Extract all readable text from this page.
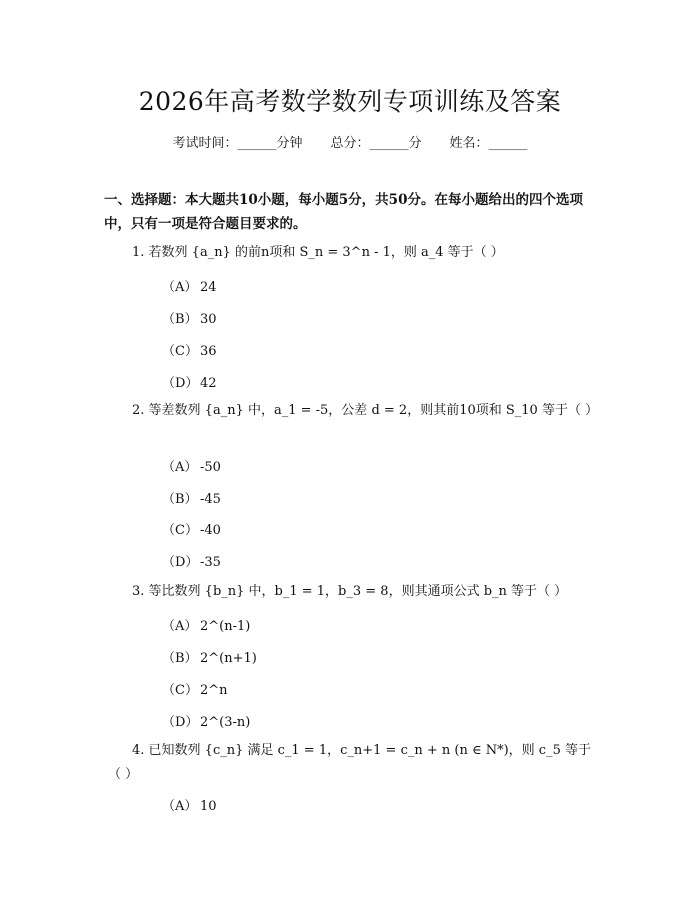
2026年高考数学数列专项训练及答案
考试时间：______分钟 总分：______分 姓名：______
一、选择题：本大题共10小题，每小题5分，共50分。在每小题给出的四个选项中，只有一项是符合题目要求的。
1. 若数列 {a_n} 的前n项和 S_n = 3^n - 1，则 a_4 等于（ ）
（A） 24
（B） 30
（C） 36
（D） 42
2. 等差数列 {a_n} 中，a_1 = -5，公差 d = 2，则其前10项和 S_10 等于（ ）
（A） -50
（B） -45
（C） -40
（D） -35
3. 等比数列 {b_n} 中，b_1 = 1，b_3 = 8，则其通项公式 b_n 等于（ ）
（A） 2^(n-1)
（B） 2^(n+1)
（C） 2^n
（D） 2^(3-n)
4. 已知数列 {c_n} 满足 c_1 = 1，c_n+1 = c_n + n (n ∈ N*)，则 c_5 等于（ ）
（A） 10
